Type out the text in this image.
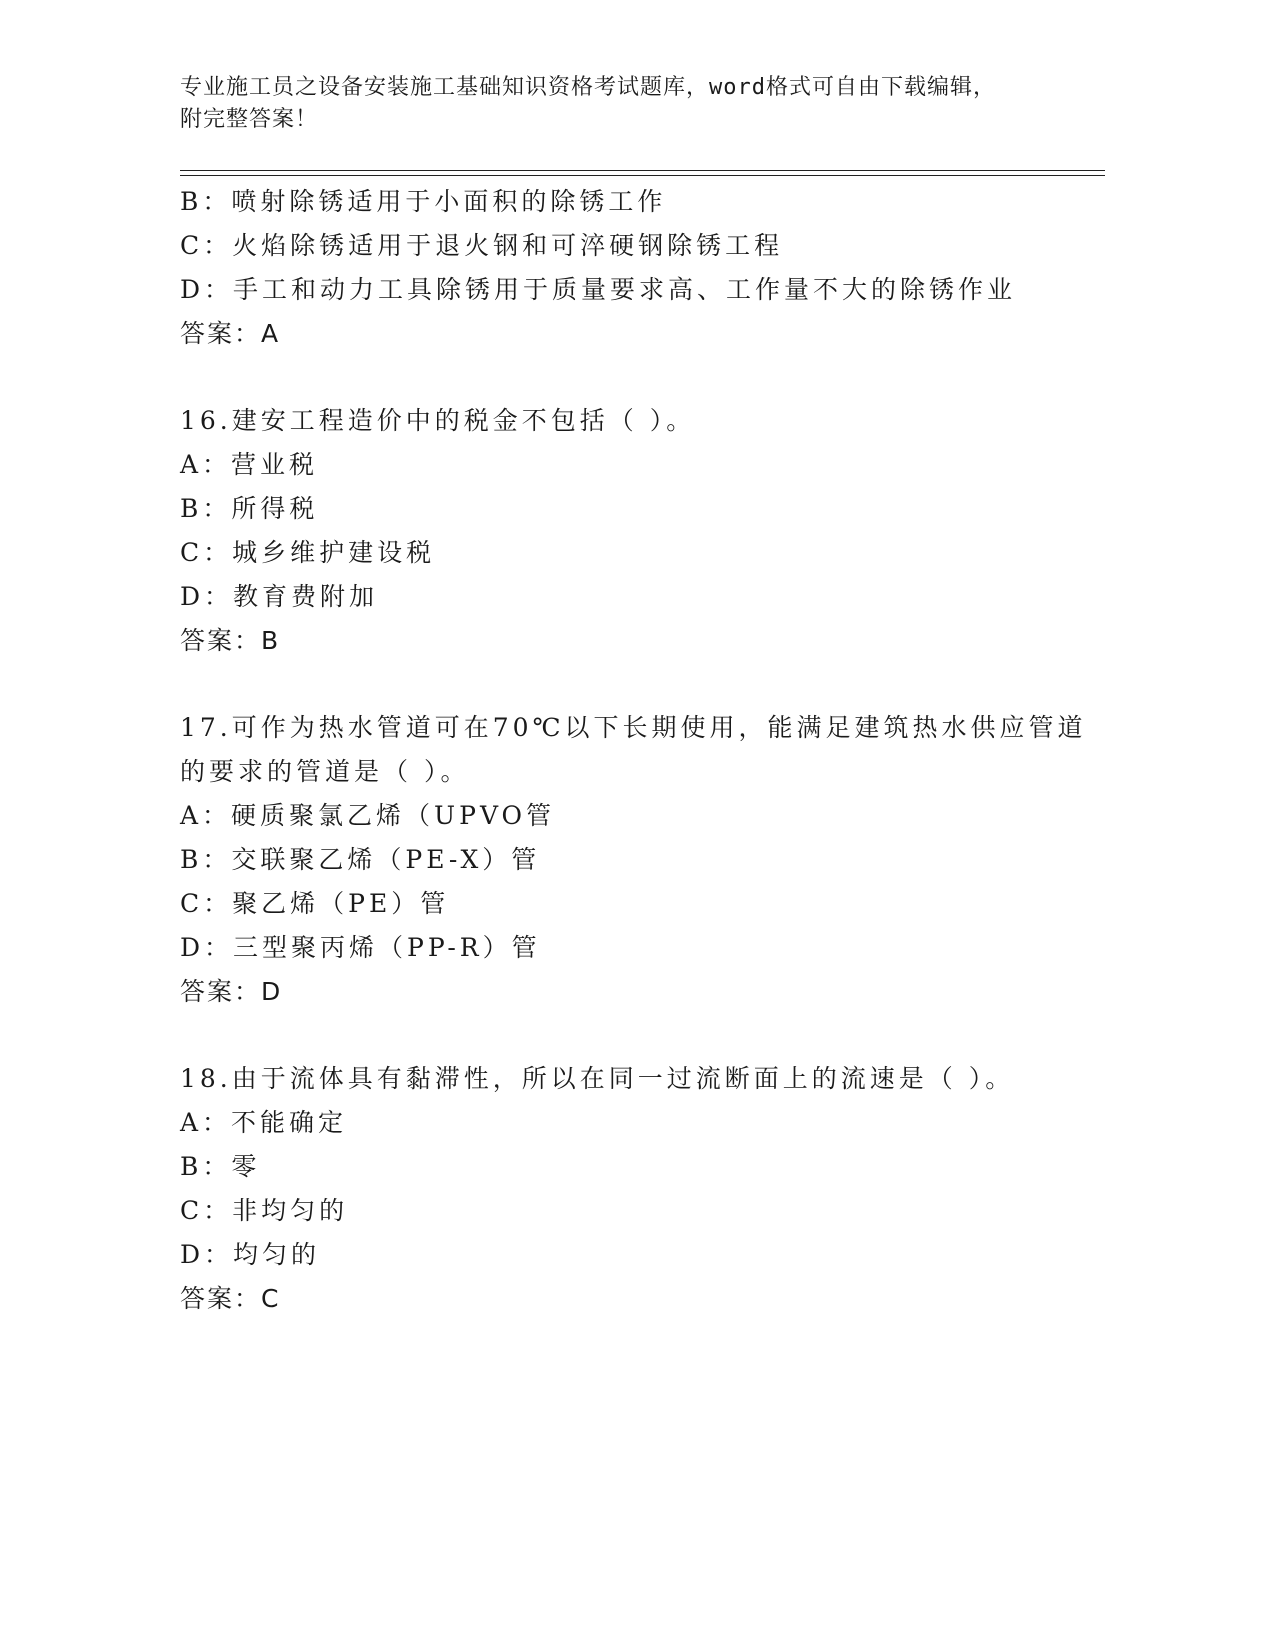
专业施工员之设备安装施工基础知识资格考试题库，word格式可自由下载编辑，
附完整答案！
B：喷射除锈适用于小面积的除锈工作
C：火焰除锈适用于退火钢和可淬硬钢除锈工程
D：手工和动力工具除锈用于质量要求高、工作量不大的除锈作业
答案：A
16.建安工程造价中的税金不包括（ ）。
A：营业税
B：所得税
C：城乡维护建设税
D：教育费附加
答案：B
17.可作为热水管道可在70℃以下长期使用，能满足建筑热水供应管道
的要求的管道是（ ）。
A：硬质聚氯乙烯（UPVO管
B：交联聚乙烯（PE-X）管
C：聚乙烯（PE）管
D：三型聚丙烯（PP-R）管
答案：D
18.由于流体具有黏滞性，所以在同一过流断面上的流速是（ ）。
A：不能确定
B：零
C：非均匀的
D：均匀的
答案：C
